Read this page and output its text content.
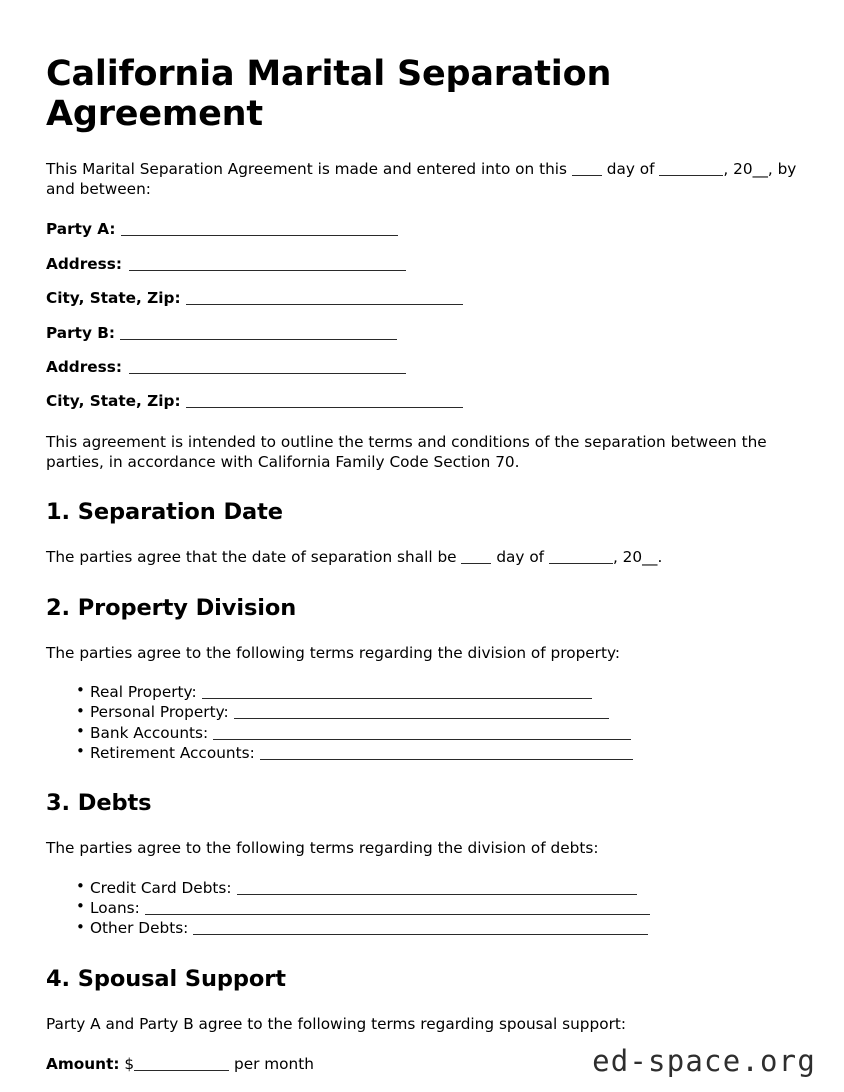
California Marital Separation Agreement

This Marital Separation Agreement is made and entered into on this	day of	, 20__, by and between:

Party A:
Address:
City, State, Zip:
Party B:
Address:
City, State, Zip:

This agreement is intended to outline the terms and conditions of the separation between the parties, in accordance with California Family Code Section 70.

1. Separation Date

The parties agree that the date of separation shall be	day of	, 20__.

2. Property Division

The parties agree to the following terms regarding the division of property:

• Real Property:
• Personal Property:
• Bank Accounts:
• Retirement Accounts:
3. Debts

The parties agree to the following terms regarding the division of debts:

• Credit Card Debts:
• Loans:
• Other Debts:
4. Spousal Support

Party A and Party B agree to the following terms regarding spousal support:

Amount: $	per month	ed-space.org
